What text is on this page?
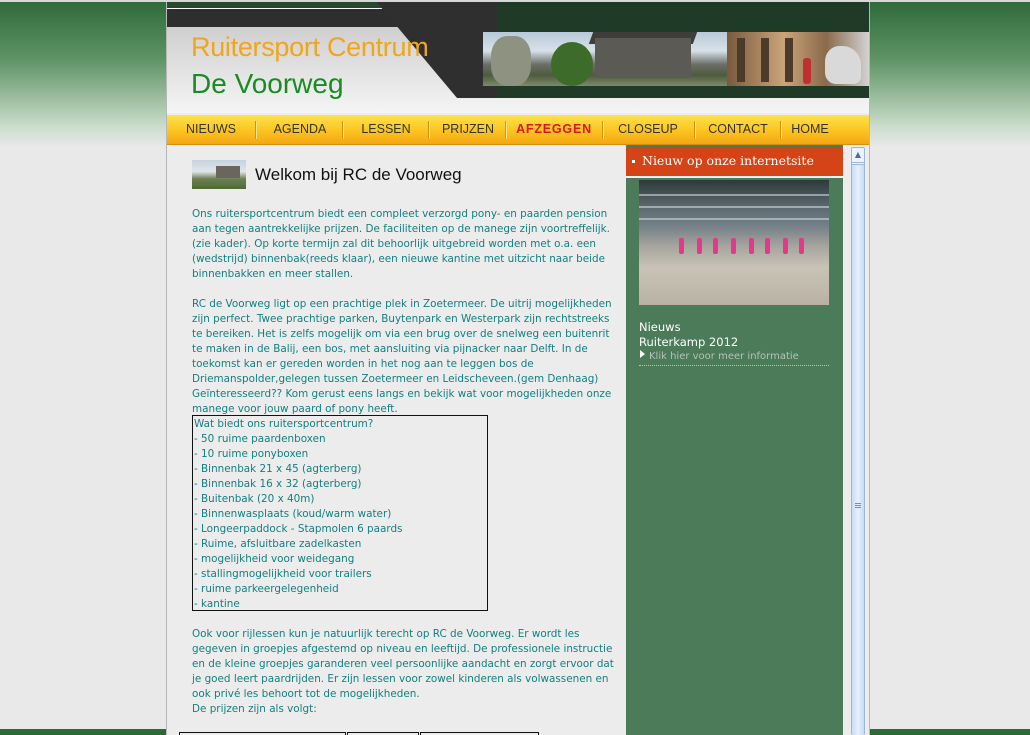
Ruitersport Centrum

De Voorweg

NIEUWS	AGENDA	LESSEN	PRIJZEN	AFZEGGEN	CLOSEUP	CONTACT	HOME
Welkom bij RC de Voorweg

Ons ruitersportcentrum biedt een compleet verzorgd pony- en paarden pension aan tegen aantrekkelijke prijzen. De faciliteiten op de manege zijn voortreffelijk. (zie kader). Op korte termijn zal dit behoorlijk uitgebreid worden met o.a. een (wedstrijd) binnenbak(reeds klaar), een nieuwe kantine met uitzicht naar beide binnenbakken en meer stallen.

RC de Voorweg ligt op een prachtige plek in Zoetermeer. De uitrij mogelijkheden zijn perfect. Twee prachtige parken, Buytenpark en Westerpark zijn rechtstreeks te bereiken. Het is zelfs mogelijk om via een brug over de snelweg een buitenrit te maken in de Balij, een bos, met aansluiting via pijnacker naar Delft. In de toekomst kan er gereden worden in het nog aan te leggen bos de Driemanspolder,gelegen tussen Zoetermeer en Leidscheveen.(gem Denhaag) Geïnteresseerd?? Kom gerust eens langs en bekijk wat voor mogelijkheden onze manege voor jouw paard of pony heeft.

Wat biedt ons ruitersportcentrum?
- 50 ruime paardenboxen
- 10 ruime ponyboxen
- Binnenbak 21 x 45 (agterberg)
- Binnenbak 16 x 32 (agterberg)
- Buitenbak (20 x 40m)
- Binnenwasplaats (koud/warm water)
- Longeerpaddock - Stapmolen 6 paards
- Ruime, afsluitbare zadelkasten
- mogelijkheid voor weidegang
- stallingmogelijkheid voor trailers
- ruime parkeergelegenheid
- kantine

Ook voor rijlessen kun je natuurlijk terecht op RC de Voorweg. Er wordt les gegeven in groepjes afgestemd op niveau en leeftijd. De professionele instructie en de kleine groepjes garanderen veel persoonlijke aandacht en zorgt ervoor dat je goed leert paardrijden. Er zijn lessen voor zowel kinderen als volwassenen en ook privé les behoort tot de mogelijkheden.

De prijzen zijn als volgt:

Nieuw op onze internetsite

Nieuws

Ruiterkamp 2012

Klik hier voor meer informatie
▲
